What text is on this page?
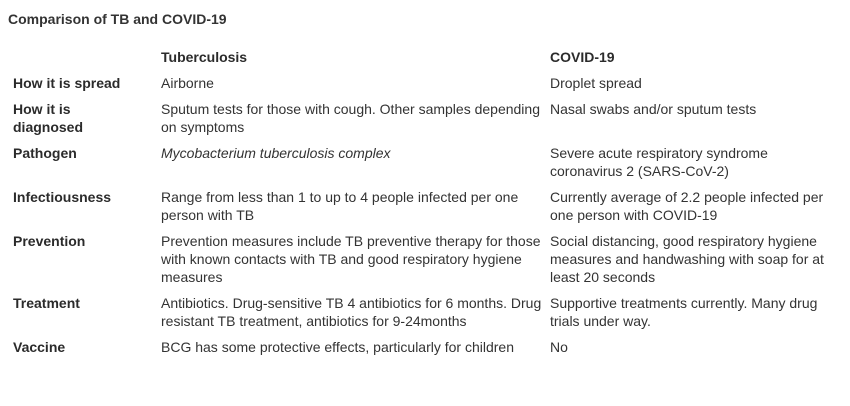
Comparison of TB and COVID-19
	Tuberculosis	COVID-19
How it is spread	Airborne	Droplet spread
How it is diagnosed	Sputum tests for those with cough. Other samples depending on symptoms	Nasal swabs and/or sputum tests
Pathogen	Mycobacterium tuberculosis complex	Severe acute respiratory syndrome coronavirus 2 (SARS-CoV-2)
Infectiousness	Range from less than 1 to up to 4 people infected per one person with TB	Currently average of 2.2 people infected per one person with COVID-19
Prevention	Prevention measures include TB preventive therapy for those with known contacts with TB and good respiratory hygiene measures	Social distancing, good respiratory hygiene measures and handwashing with soap for at least 20 seconds
Treatment	Antibiotics. Drug-sensitive TB 4 antibiotics for 6 months. Drug resistant TB treatment, antibiotics for 9-24months	Supportive treatments currently. Many drug trials under way.
Vaccine	BCG has some protective effects, particularly for children	No
